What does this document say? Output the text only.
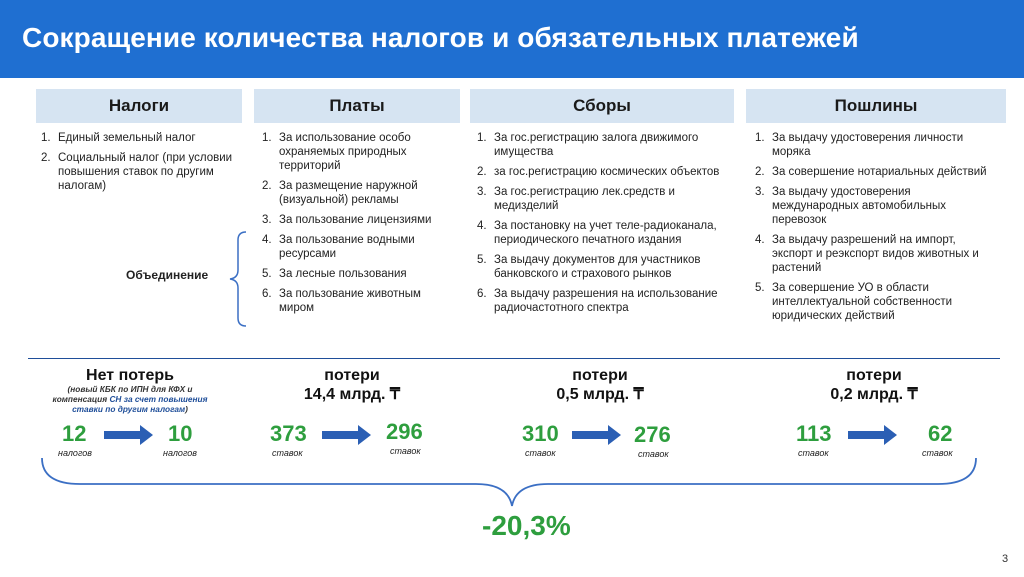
Сокращение количества налогов и обязательных платежей
Налоги	Платы	Сборы	Пошлины
1. Единый земельный налог
2. Социальный налог (при условии повышения ставок по другим налогам)
1. За использование особо охраняемых природных территорий
2. За размещение наружной (визуальной) рекламы
3. За пользование лицензиями
4. За пользование водными ресурсами
5. За лесные пользования
6. За пользование животным миром
1. За гос.регистрацию залога движимого имущества
2. за гос.регистрацию космических объектов
3. За гос.регистрацию лек.средств и медизделий
4. За постановку на учет теле-радиоканала, периодического печатного издания
5. За выдачу документов для участников банковского и страхового рынков
6. За выдачу разрешения на использование радиочастотного спектра
1. За выдачу удостоверения личности моряка
2. За совершение нотариальных действий
3. За выдачу удостоверения международных автомобильных перевозок
4. За выдачу разрешений на импорт, экспорт и реэкспорт видов животных и растений
5. За совершение УО в области интеллектуальной собственности юридических действий
Объединение
Нет потерь
(новый КБК по ИПН для КФХ и компенсация СН за счет повышения ставки по другим налогам)
12
налогов
10
налогов
потери
14,4 млрд. ₸
373
ставок
296
ставок
потери
0,5 млрд. ₸
310
ставок
276
ставок
потери
0,2 млрд. ₸
113
ставок
62
ставок
-20,3%
3
